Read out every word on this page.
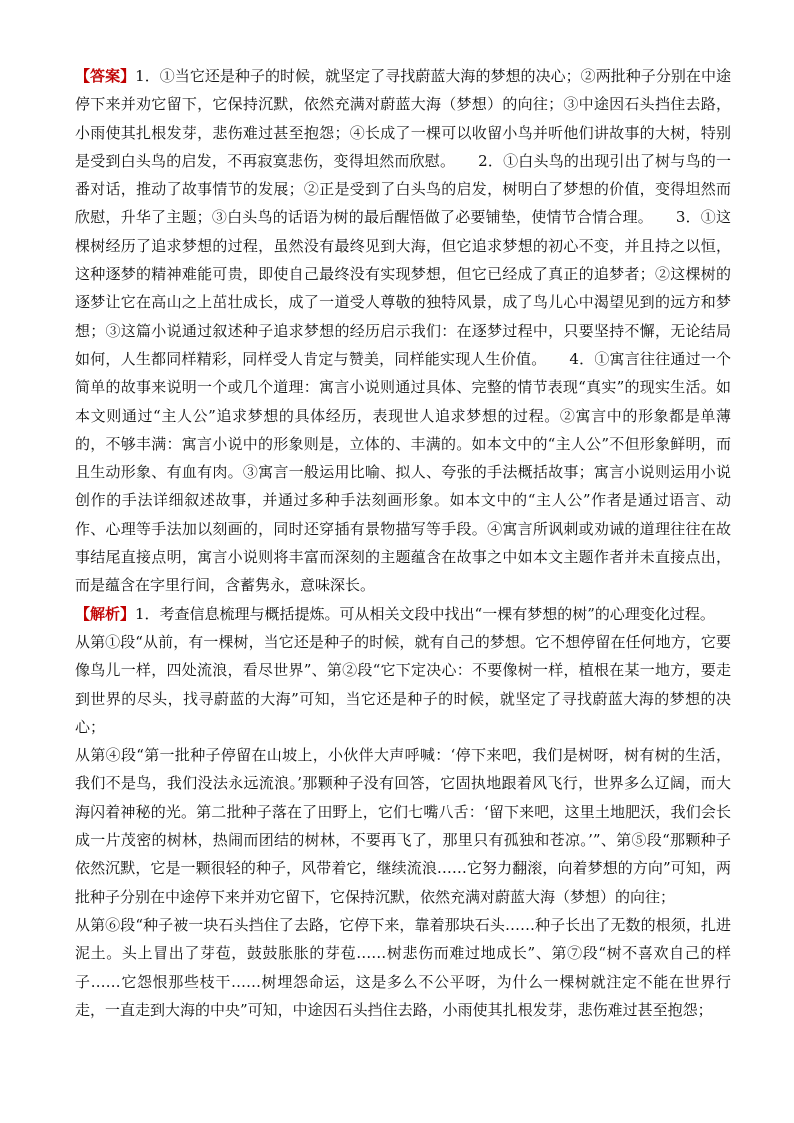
【答案】1．①当它还是种子的时候，就坚定了寻找蔚蓝大海的梦想的决心；②两批种子分别在中途停下来并劝它留下，它保持沉默，依然充满对蔚蓝大海（梦想）的向往；③中途因石头挡住去路，小雨使其扎根发芽，悲伤难过甚至抱怨；④长成了一棵可以收留小鸟并听他们讲故事的大树，特别是受到白头鸟的启发，不再寂寞悲伤，变得坦然而欣慰。　　2．①白头鸟的出现引出了树与鸟的一番对话，推动了故事情节的发展；②正是受到了白头鸟的启发，树明白了梦想的价值，变得坦然而欣慰，升华了主题；③白头鸟的话语为树的最后醒悟做了必要铺垫，使情节合情合理。　　3．①这棵树经历了追求梦想的过程，虽然没有最终见到大海，但它追求梦想的初心不变，并且持之以恒，这种逐梦的精神难能可贵，即使自己最终没有实现梦想，但它已经成了真正的追梦者；②这棵树的逐梦让它在高山之上茁壮成长，成了一道受人尊敬的独特风景，成了鸟儿心中渴望见到的远方和梦想；③这篇小说通过叙述种子追求梦想的经历启示我们：在逐梦过程中，只要坚持不懈，无论结局如何，人生都同样精彩，同样受人肯定与赞美，同样能实现人生价值。　　4．①寓言往往通过一个简单的故事来说明一个或几个道理：寓言小说则通过具体、完整的情节表现“真实”的现实生活。如本文则通过“主人公”追求梦想的具体经历，表现世人追求梦想的过程。②寓言中的形象都是单薄的，不够丰满：寓言小说中的形象则是，立体的、丰满的。如本文中的“主人公”不但形象鲜明，而且生动形象、有血有肉。③寓言一般运用比喻、拟人、夸张的手法概括故事；寓言小说则运用小说创作的手法详细叙述故事，并通过多种手法刻画形象。如本文中的“主人公”作者是通过语言、动作、心理等手法加以刻画的，同时还穿插有景物描写等手段。④寓言所讽刺或劝诫的道理往往在故事结尾直接点明，寓言小说则将丰富而深刻的主题蕴含在故事之中如本文主题作者并未直接点出，而是蕴含在字里行间，含蓄隽永，意味深长。

【解析】1．考查信息梳理与概括提炼。可从相关文段中找出“一棵有梦想的树”的心理变化过程。

从第①段“从前，有一棵树，当它还是种子的时候，就有自己的梦想。它不想停留在任何地方，它要像鸟儿一样，四处流浪，看尽世界”、第②段“它下定决心：不要像树一样，植根在某一地方，要走到世界的尽头，找寻蔚蓝的大海”可知，当它还是种子的时候，就坚定了寻找蔚蓝大海的梦想的决心；

从第④段“第一批种子停留在山坡上，小伙伴大声呼喊：‘停下来吧，我们是树呀，树有树的生活，我们不是鸟，我们没法永远流浪。’那颗种子没有回答，它固执地跟着风飞行，世界多么辽阔，而大海闪着神秘的光。第二批种子落在了田野上，它们七嘴八舌：‘留下来吧，这里土地肥沃，我们会长成一片茂密的树林，热闹而团结的树林，不要再飞了，那里只有孤独和苍凉。’”、第⑤段“那颗种子依然沉默，它是一颗很轻的种子，风带着它，继续流浪……它努力翻滚，向着梦想的方向”可知，两批种子分别在中途停下来并劝它留下，它保持沉默，依然充满对蔚蓝大海（梦想）的向往；

从第⑥段“种子被一块石头挡住了去路，它停下来，靠着那块石头……种子长出了无数的根须，扎进泥土。头上冒出了芽苞，鼓鼓胀胀的芽苞……树悲伤而难过地成长”、第⑦段“树不喜欢自己的样子……它怨恨那些枝干……树埋怨命运，这是多么不公平呀，为什么一棵树就注定不能在世界行走，一直走到大海的中央”可知，中途因石头挡住去路，小雨使其扎根发芽，悲伤难过甚至抱怨；
